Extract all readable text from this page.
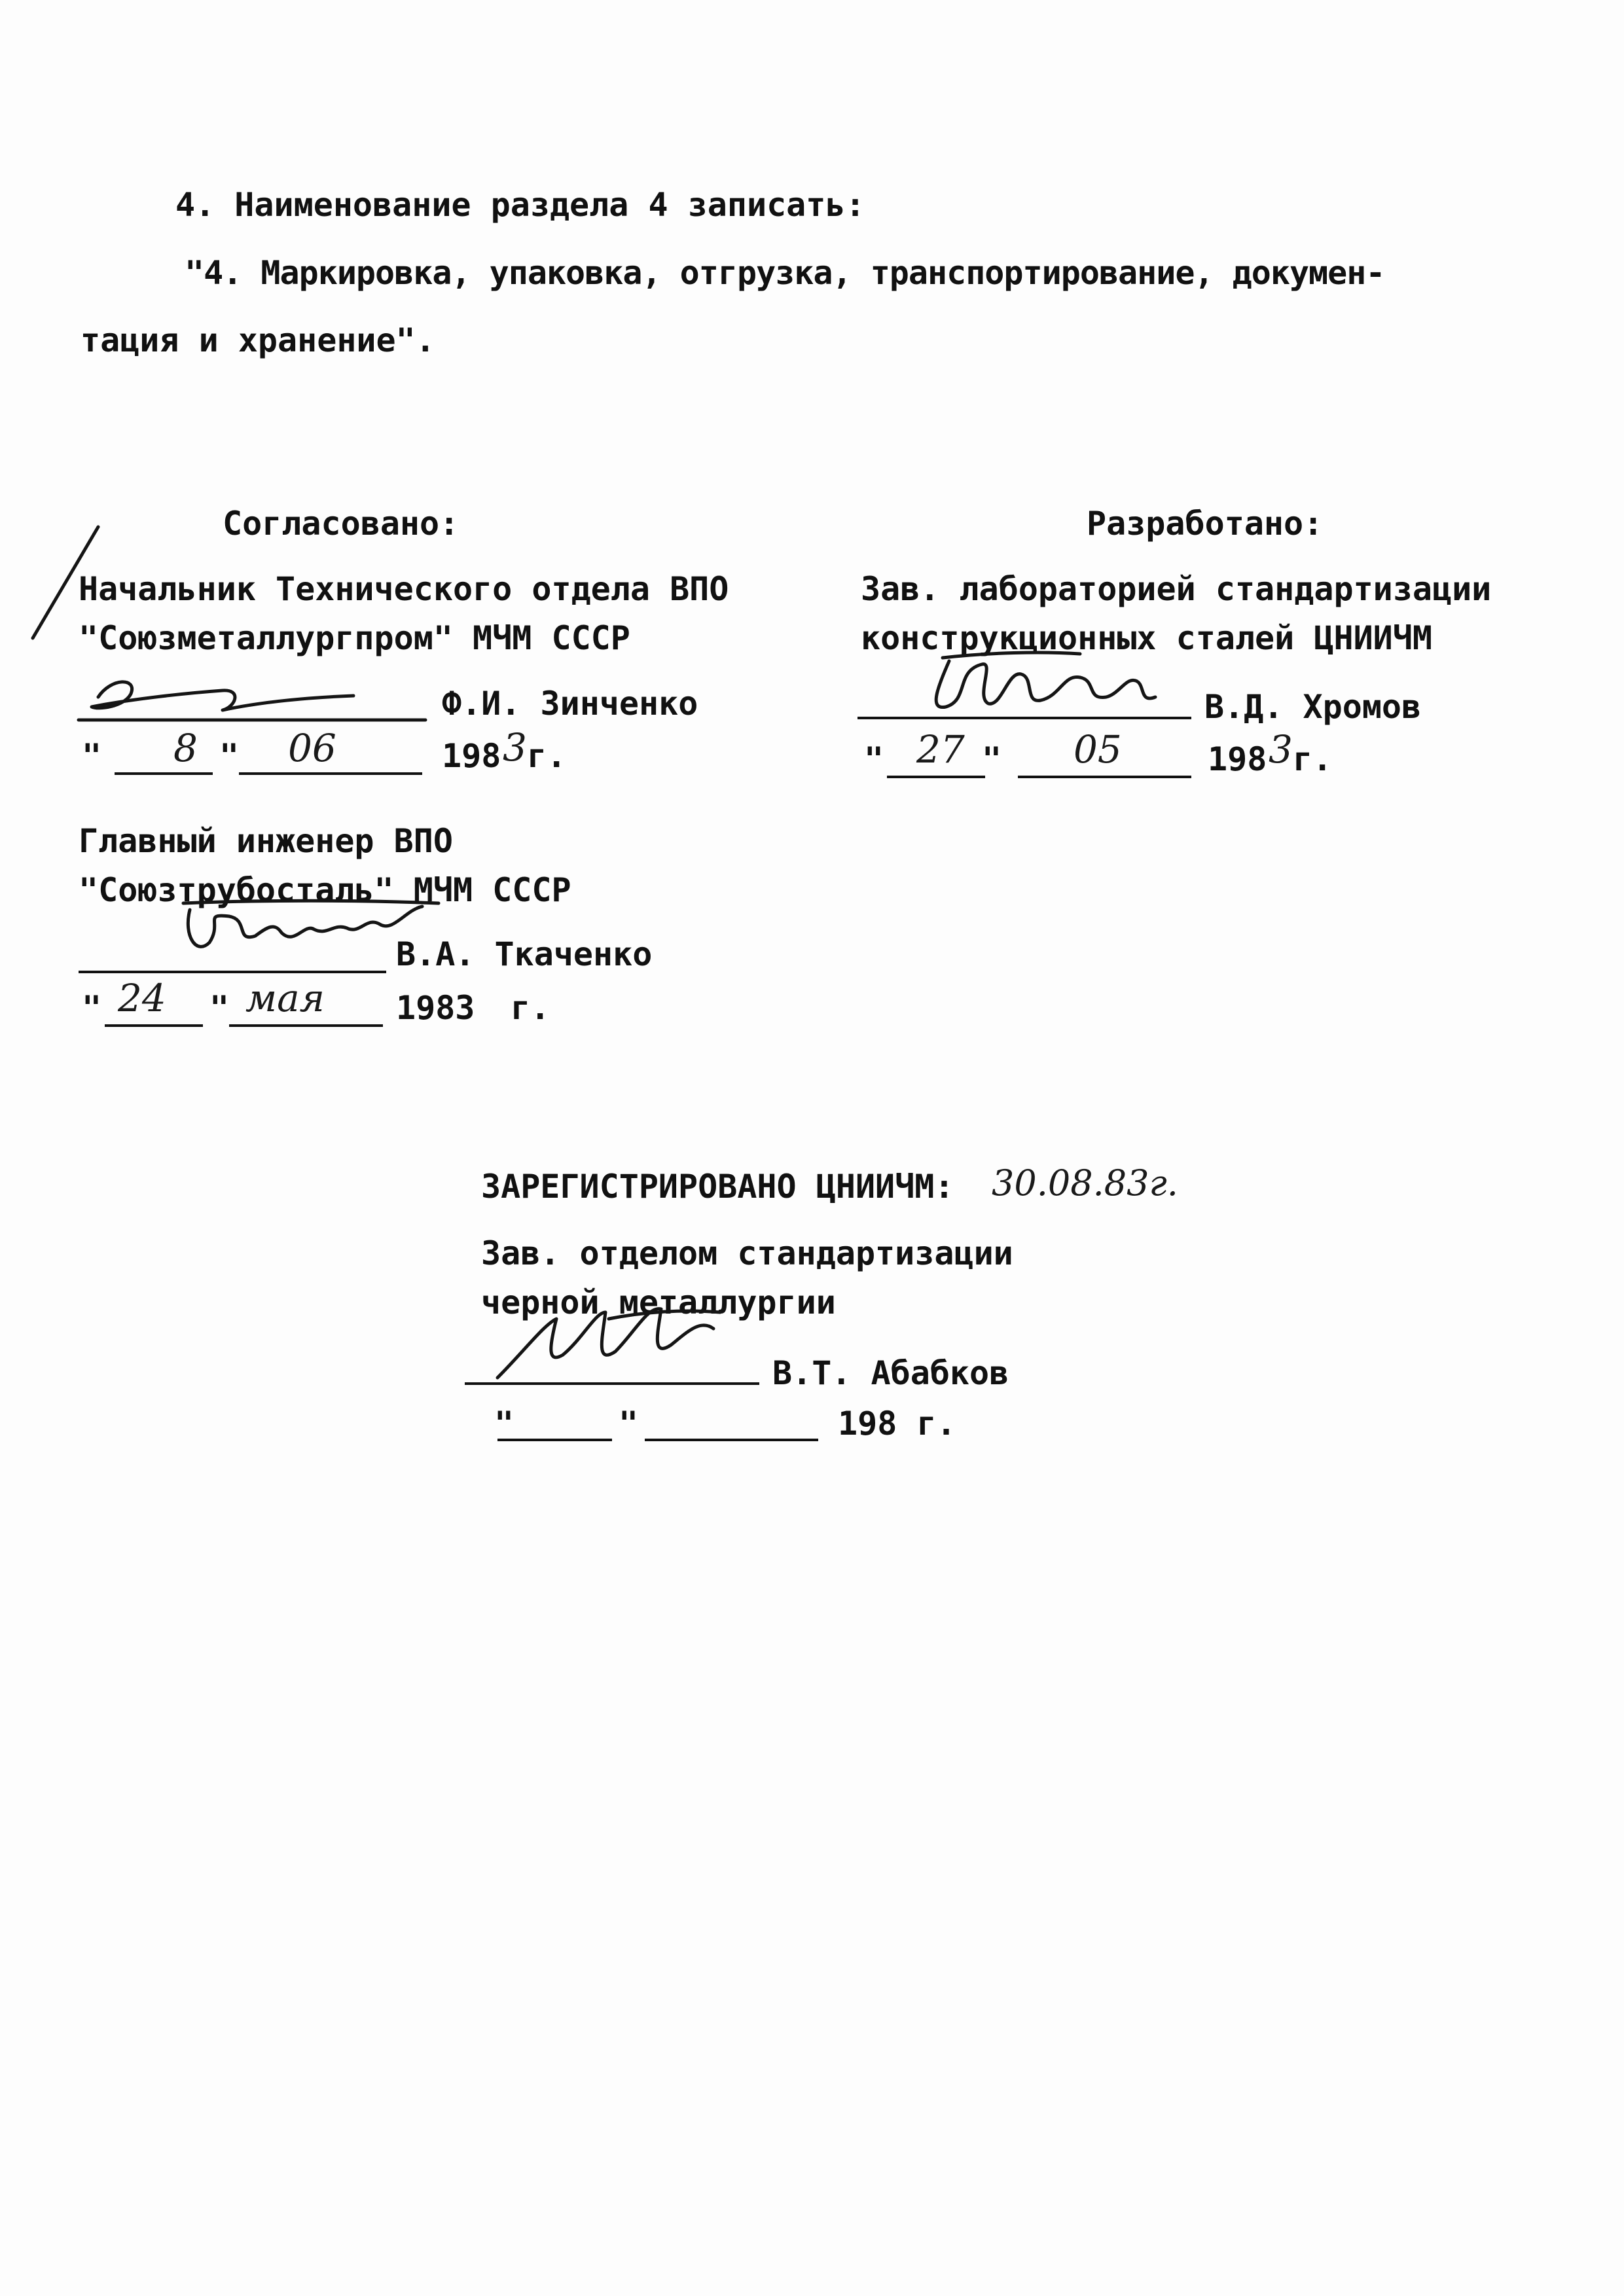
4. Наименование раздела 4 записать:
"4. Маркировка, упаковка, отгрузка, транспортирование, докумен-
тация и хранение".
Согласовано:
Начальник Технического отдела ВПО
"Союзметаллургпром" МЧМ СССР
Ф.И. Зинченко
" 8 " 06	198 3 г.
Главный инженер ВПО
"Союзтрубосталь" МЧМ СССР
В.А. Ткаченко
" 24 " мая 1983 г.
Разработано:
Зав. лабораторией стандартизации
конструкционных сталей ЦНИИЧМ
В.Д. Хромов
" 27 " 05	198 3 г.
ЗАРЕГИСТРИРОВАНО ЦНИИЧМ: 30.08.83г.
Зав. отделом стандартизации
черной металлургии
В.Т. Абабков
"	"	198 г.
